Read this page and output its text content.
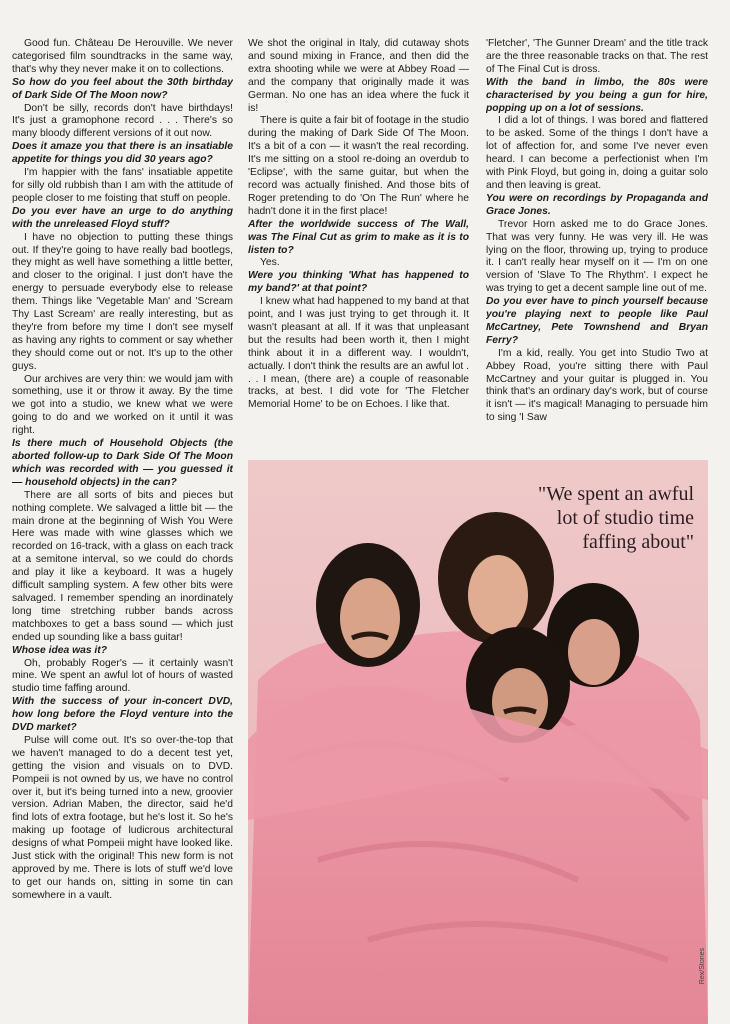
Good fun. Château De Herouville. We never categorised film soundtracks in the same way, that's why they never make it on to collections.

So how do you feel about the 30th birthday of Dark Side Of The Moon now?

Don't be silly, records don't have birthdays! It's just a gramophone record . . . There's so many bloody different versions of it out now.

Does it amaze you that there is an insatiable appetite for things you did 30 years ago?

I'm happier with the fans' insatiable appetite for silly old rubbish than I am with the attitude of people closer to me foisting that stuff on people.

Do you ever have an urge to do anything with the unreleased Floyd stuff?

I have no objection to putting these things out. If they're going to have really bad bootlegs, they might as well have something a little better, and closer to the original. I just don't have the energy to persuade everybody else to release them. Things like 'Vegetable Man' and 'Scream Thy Last Scream' are really interesting, but as they're from before my time I don't see myself as having any rights to comment or say whether they should come out or not. It's up to the other guys.

Our archives are very thin: we would jam with something, use it or throw it away. By the time we got into a studio, we knew what we were going to do and we worked on it until it was right.

Is there much of Household Objects (the aborted follow-up to Dark Side Of The Moon which was recorded with — you guessed it — household objects) in the can?

There are all sorts of bits and pieces but nothing complete. We salvaged a little bit — the main drone at the beginning of Wish You Were Here was made with wine glasses which we recorded on 16-track, with a glass on each track at a semitone interval, so we could do chords and play it like a keyboard. It was a hugely difficult sampling system. A few other bits were salvaged. I remember spending an inordinately long time stretching rubber bands across matchboxes to get a bass sound — which just ended up sounding like a bass guitar!

Whose idea was it?

Oh, probably Roger's — it certainly wasn't mine. We spent an awful lot of hours of wasted studio time faffing around.

With the success of your in-concert DVD, how long before the Floyd venture into the DVD market?

Pulse will come out. It's so over-the-top that we haven't managed to do a decent test yet, getting the vision and visuals on to DVD. Pompeii is not owned by us, we have no control over it, but it's being turned into a new, groovier version. Adrian Maben, the director, said he'd find lots of extra footage, but he's lost it. So he's making up footage of ludicrous architectural designs of what Pompeii might have looked like. Just stick with the original! This new form is not approved by me. There is lots of stuff we'd love to get our hands on, sitting in some tin can somewhere in a vault.

We shot the original in Italy, did cutaway shots and sound mixing in France, and then did the extra shooting while we were at Abbey Road — and the company that originally made it was German. No one has an idea where the fuck it is!

There is quite a fair bit of footage in the studio during the making of Dark Side Of The Moon. It's a bit of a con — it wasn't the real recording. It's me sitting on a stool re-doing an overdub to 'Eclipse', with the same guitar, but when the record was actually finished. And those bits of Roger pretending to do 'On The Run' where he hadn't done it in the first place!

After the worldwide success of The Wall, was The Final Cut as grim to make as it is to listen to?

Yes.

Were you thinking 'What has happened to my band?' at that point?

I knew what had happened to my band at that point, and I was just trying to get through it. It wasn't pleasant at all. If it was that unpleasant but the results had been worth it, then I might think about it in a different way. I wouldn't, actually. I don't think the results are an awful lot . . . I mean, (there are) a couple of reasonable tracks, at best. I did vote for 'The Fletcher Memorial Home' to be on Echoes. I like that.

'Fletcher', 'The Gunner Dream' and the title track are the three reasonable tracks on that. The rest of The Final Cut is dross.

With the band in limbo, the 80s were characterised by you being a gun for hire, popping up on a lot of sessions.

I did a lot of things. I was bored and flattered to be asked. Some of the things I don't have a lot of affection for, and some I've never even heard. I can become a perfectionist when I'm with Pink Floyd, but going in, doing a guitar solo and then leaving is great.

You were on recordings by Propaganda and Grace Jones.

Trevor Horn asked me to do Grace Jones. That was very funny. He was very ill. He was lying on the floor, throwing up, trying to produce it. I can't really hear myself on it — I'm on one version of 'Slave To The Rhythm'. I expect he was trying to get a decent sample line out of me.

Do you ever have to pinch yourself because you're playing next to people like Paul McCartney, Pete Townshend and Bryan Ferry?

I'm a kid, really. You get into Studio Two at Abbey Road, you're sitting there with Paul McCartney and your guitar is plugged in. You think that's an ordinary day's work, but of course it isn't — it's magical! Managing to persuade him to sing 'I Saw

"We spent an awful lot of studio time faffing about"
Rex/Stones
